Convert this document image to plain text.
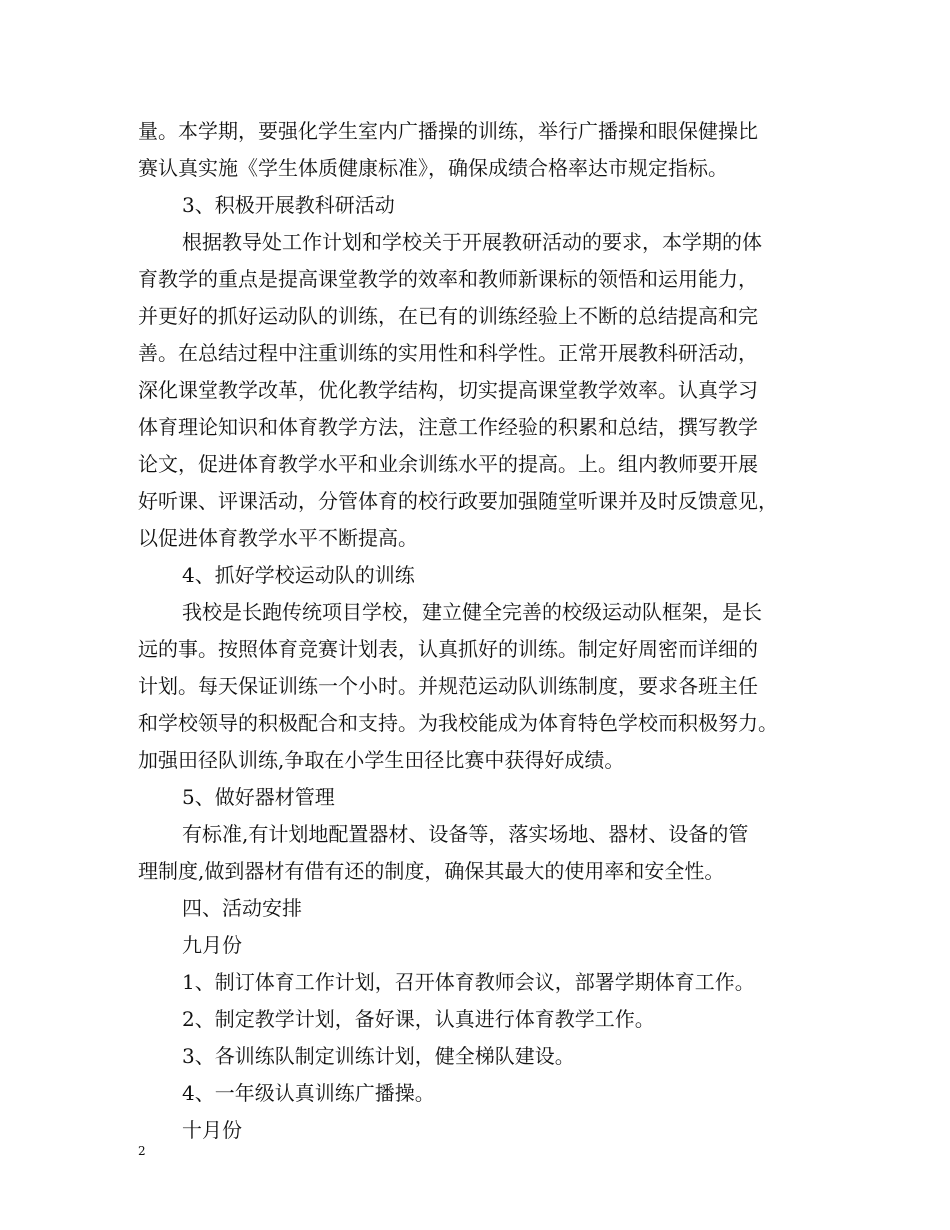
量。本学期，要强化学生室内广播操的训练，举行广播操和眼保健操比
赛认真实施《学生体质健康标准》，确保成绩合格率达市规定指标。
3、积极开展教科研活动
根据教导处工作计划和学校关于开展教研活动的要求，本学期的体
育教学的重点是提高课堂教学的效率和教师新课标的领悟和运用能力，
并更好的抓好运动队的训练，在已有的训练经验上不断的总结提高和完
善。在总结过程中注重训练的实用性和科学性。正常开展教科研活动，
深化课堂教学改革，优化教学结构，切实提高课堂教学效率。认真学习
体育理论知识和体育教学方法，注意工作经验的积累和总结，撰写教学
论文，促进体育教学水平和业余训练水平的提高。上。组内教师要开展
好听课、评课活动，分管体育的校行政要加强随堂听课并及时反馈意见，
以促进体育教学水平不断提高。
4、抓好学校运动队的训练
我校是长跑传统项目学校，建立健全完善的校级运动队框架，是长
远的事。按照体育竞赛计划表，认真抓好的训练。制定好周密而详细的
计划。每天保证训练一个小时。并规范运动队训练制度，要求各班主任
和学校领导的积极配合和支持。为我校能成为体育特色学校而积极努力。
加强田径队训练,争取在小学生田径比赛中获得好成绩。
5、做好器材管理
有标准,有计划地配置器材、设备等，落实场地、器材、设备的管
理制度,做到器材有借有还的制度，确保其最大的使用率和安全性。
四、活动安排
九月份
1、制订体育工作计划，召开体育教师会议，部署学期体育工作。
2、制定教学计划，备好课，认真进行体育教学工作。
3、各训练队制定训练计划，健全梯队建设。
4、一年级认真训练广播操。
十月份
2
